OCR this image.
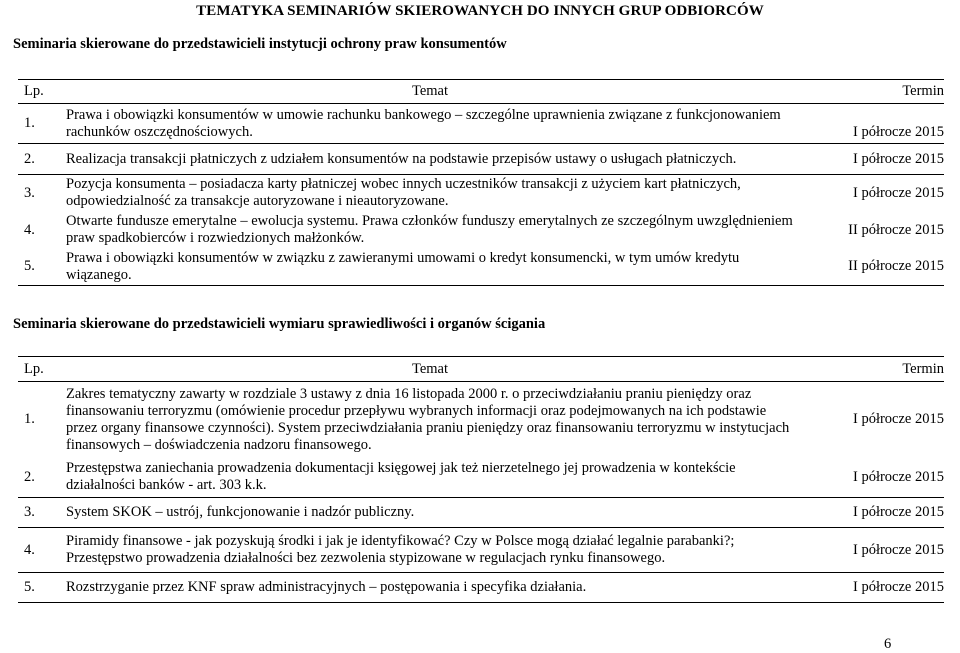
TEMATYKA SEMINARIÓW SKIEROWANYCH DO INNYCH GRUP ODBIORCÓW
Seminaria skierowane do przedstawicieli instytucji ochrony praw konsumentów
Lp.	Temat	Termin
1.	Prawa i obowiązki konsumentów w umowie rachunku bankowego – szczególne uprawnienia związane z funkcjonowaniem rachunków oszczędnościowych.	I półrocze 2015
2.	Realizacja transakcji płatniczych z udziałem konsumentów na podstawie przepisów ustawy o usługach płatniczych.	I półrocze 2015
3.	Pozycja konsumenta – posiadacza karty płatniczej wobec innych uczestników transakcji z użyciem kart płatniczych, odpowiedzialność za transakcje autoryzowane i nieautoryzowane.	I półrocze 2015
4.	Otwarte fundusze emerytalne – ewolucja systemu. Prawa członków funduszy emerytalnych ze szczególnym uwzględnieniem praw spadkobierców i rozwiedzionych małżonków.	II półrocze 2015
5.	Prawa i obowiązki konsumentów w związku z zawieranymi umowami o kredyt konsumencki, w tym umów kredytu wiązanego.	II półrocze 2015
Seminaria skierowane do przedstawicieli wymiaru sprawiedliwości i organów ścigania
Lp.	Temat	Termin
1.	Zakres tematyczny zawarty w rozdziale 3 ustawy z dnia 16 listopada 2000 r. o przeciwdziałaniu praniu pieniędzy oraz finansowaniu terroryzmu (omówienie procedur przepływu wybranych informacji oraz podejmowanych na ich podstawie przez organy finansowe czynności). System przeciwdziałania praniu pieniędzy oraz finansowaniu terroryzmu w instytucjach finansowych – doświadczenia nadzoru finansowego.	I półrocze 2015
2.	Przestępstwa zaniechania prowadzenia dokumentacji księgowej jak też nierzetelnego jej prowadzenia w kontekście działalności banków - art. 303 k.k.	I półrocze 2015
3.	System SKOK – ustrój, funkcjonowanie i nadzór publiczny.	I półrocze 2015
4.	Piramidy finansowe - jak pozyskują środki i jak je identyfikować? Czy w Polsce mogą działać legalnie parabanki?; Przestępstwo prowadzenia działalności bez zezwolenia stypizowane w regulacjach rynku finansowego.	I półrocze 2015
5.	Rozstrzyganie przez KNF spraw administracyjnych – postępowania i specyfika działania.	I półrocze 2015
6
